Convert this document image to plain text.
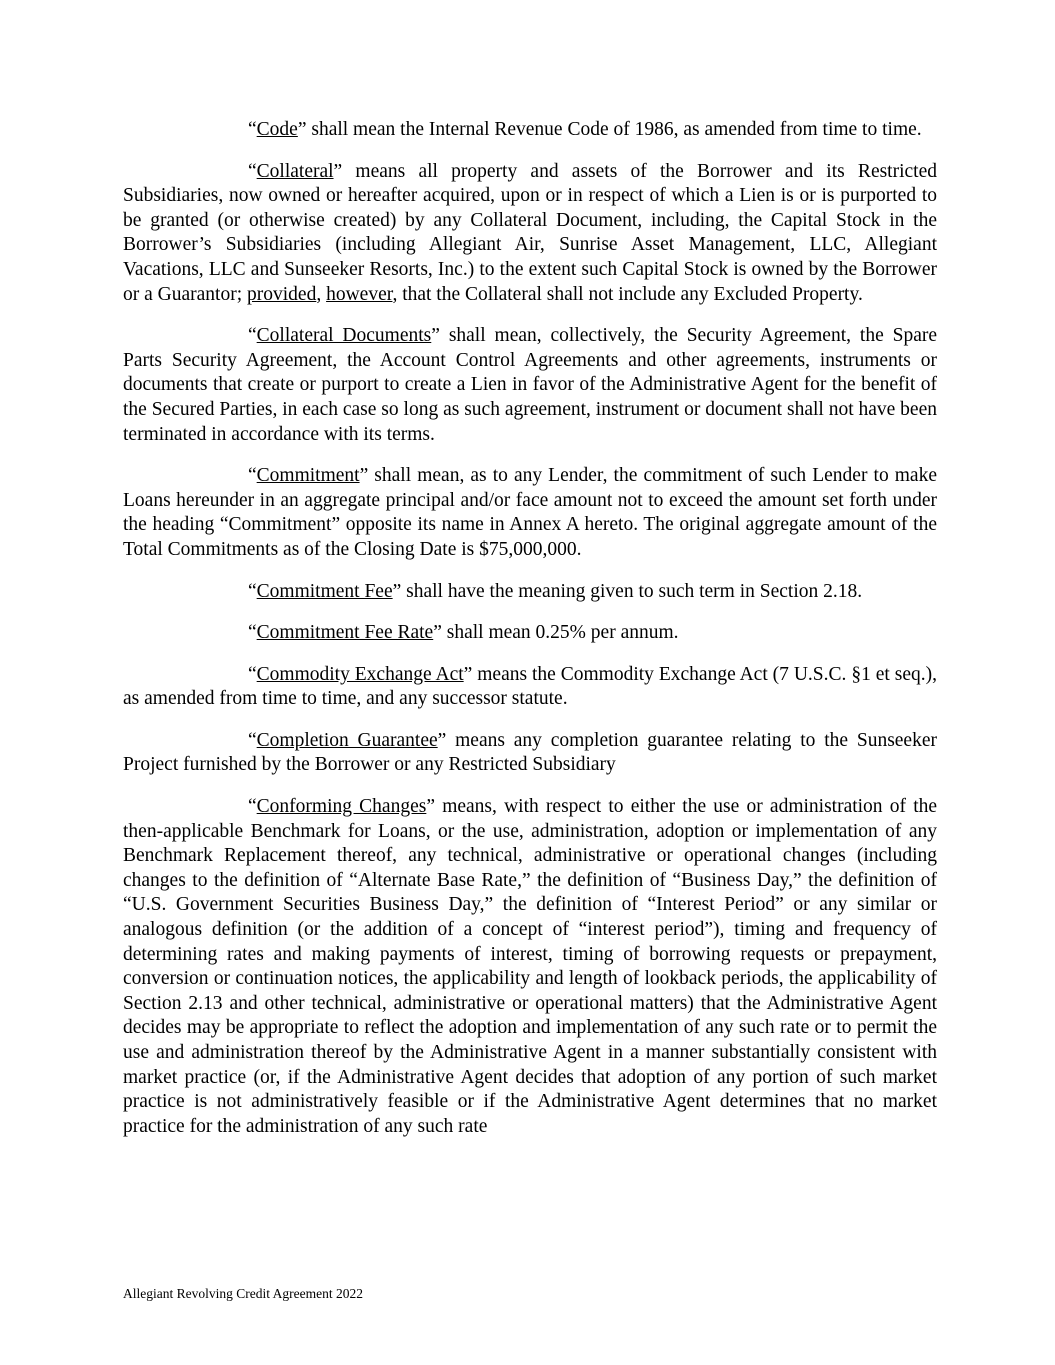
“Code” shall mean the Internal Revenue Code of 1986, as amended from time to time.

“Collateral” means all property and assets of the Borrower and its Restricted Subsidiaries, now owned or hereafter acquired, upon or in respect of which a Lien is or is purported to be granted (or otherwise created) by any Collateral Document, including, the Capital Stock in the Borrower’s Subsidiaries (including Allegiant Air, Sunrise Asset Management, LLC, Allegiant Vacations, LLC and Sunseeker Resorts, Inc.) to the extent such Capital Stock is owned by the Borrower or a Guarantor; provided, however, that the Collateral shall not include any Excluded Property.

“Collateral Documents” shall mean, collectively, the Security Agreement, the Spare Parts Security Agreement, the Account Control Agreements and other agreements, instruments or documents that create or purport to create a Lien in favor of the Administrative Agent for the benefit of the Secured Parties, in each case so long as such agreement, instrument or document shall not have been terminated in accordance with its terms.

“Commitment” shall mean, as to any Lender, the commitment of such Lender to make Loans hereunder in an aggregate principal and/or face amount not to exceed the amount set forth under the heading “Commitment” opposite its name in Annex A hereto. The original aggregate amount of the Total Commitments as of the Closing Date is $75,000,000.

“Commitment Fee” shall have the meaning given to such term in Section 2.18.

“Commitment Fee Rate” shall mean 0.25% per annum.

“Commodity Exchange Act” means the Commodity Exchange Act (7 U.S.C. §1 et seq.), as amended from time to time, and any successor statute.

“Completion Guarantee” means any completion guarantee relating to the Sunseeker Project furnished by the Borrower or any Restricted Subsidiary

“Conforming Changes” means, with respect to either the use or administration of the then-applicable Benchmark for Loans, or the use, administration, adoption or implementation of any Benchmark Replacement thereof, any technical, administrative or operational changes (including changes to the definition of “Alternate Base Rate,” the definition of “Business Day,” the definition of “U.S. Government Securities Business Day,” the definition of “Interest Period” or any similar or analogous definition (or the addition of a concept of “interest period”), timing and frequency of determining rates and making payments of interest, timing of borrowing requests or prepayment, conversion or continuation notices, the applicability and length of lookback periods, the applicability of Section 2.13 and other technical, administrative or operational matters) that the Administrative Agent decides may be appropriate to reflect the adoption and implementation of any such rate or to permit the use and administration thereof by the Administrative Agent in a manner substantially consistent with market practice (or, if the Administrative Agent decides that adoption of any portion of such market practice is not administratively feasible or if the Administrative Agent determines that no market practice for the administration of any such rate

Allegiant Revolving Credit Agreement 2022
